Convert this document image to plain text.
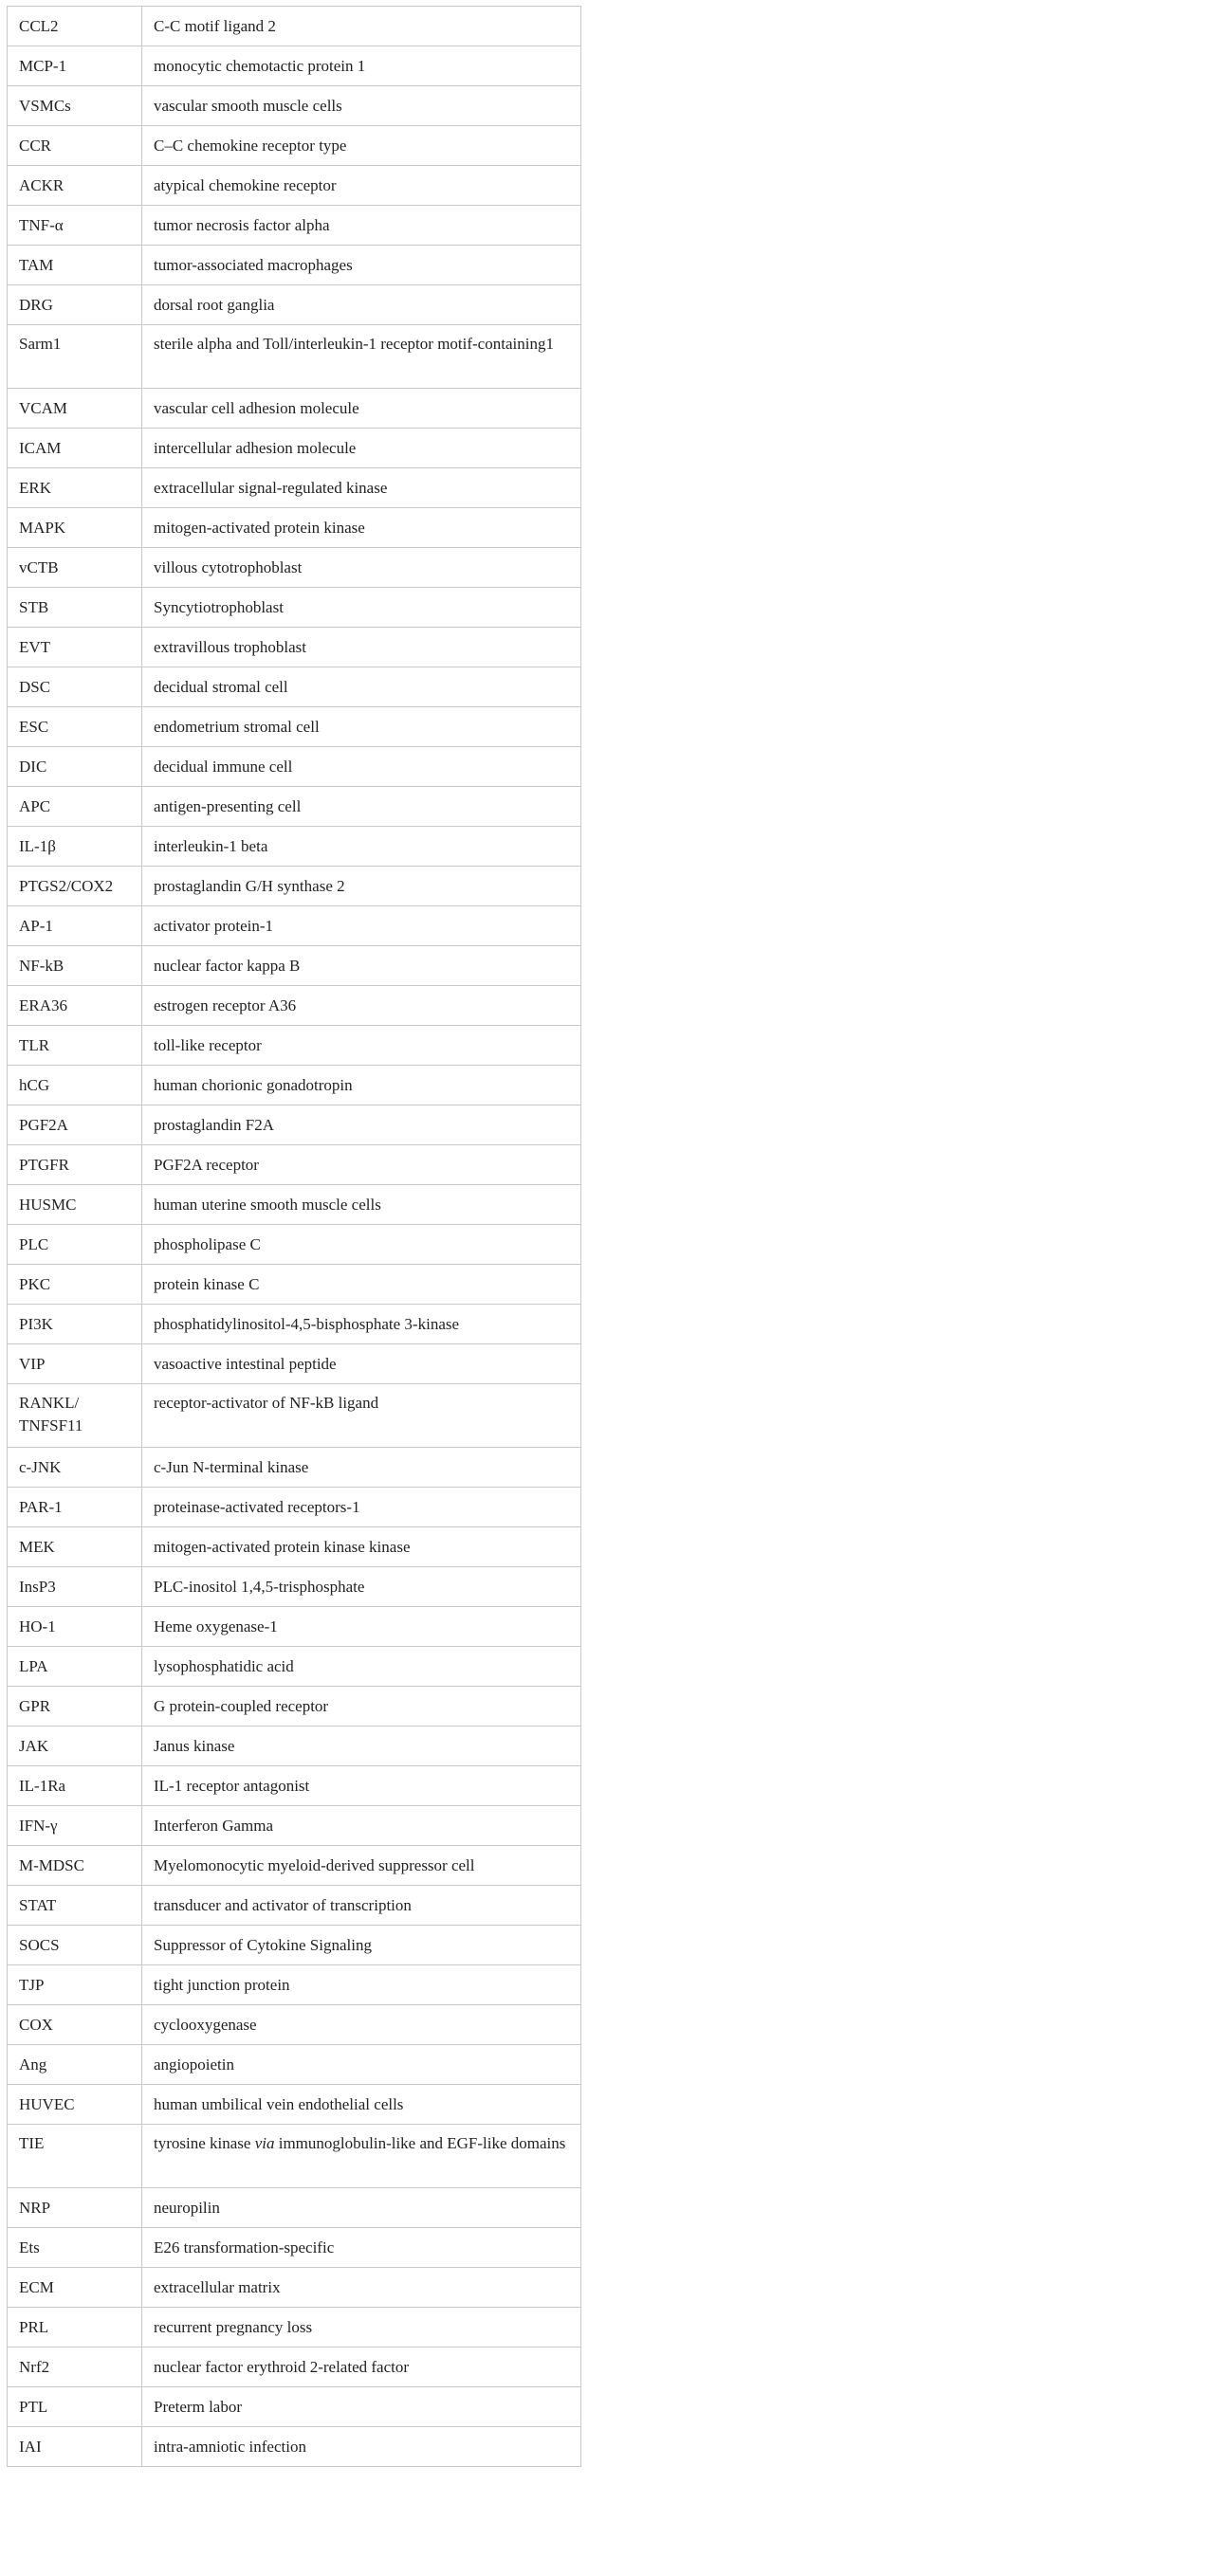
CCL2	C-C motif ligand 2
MCP-1	monocytic chemotactic protein 1
VSMCs	vascular smooth muscle cells
CCR	C–C chemokine receptor type
ACKR	atypical chemokine receptor
TNF-α	tumor necrosis factor alpha
TAM	tumor-associated macrophages
DRG	dorsal root ganglia
Sarm1	sterile alpha and Toll/interleukin-1 receptor motif-containing1
VCAM	vascular cell adhesion molecule
ICAM	intercellular adhesion molecule
ERK	extracellular signal-regulated kinase
MAPK	mitogen-activated protein kinase
vCTB	villous cytotrophoblast
STB	Syncytiotrophoblast
EVT	extravillous trophoblast
DSC	decidual stromal cell
ESC	endometrium stromal cell
DIC	decidual immune cell
APC	antigen-presenting cell
IL-1β	interleukin-1 beta
PTGS2/COX2	prostaglandin G/H synthase 2
AP-1	activator protein-1
NF-kB	nuclear factor kappa B
ERA36	estrogen receptor A36
TLR	toll-like receptor
hCG	human chorionic gonadotropin
PGF2A	prostaglandin F2A
PTGFR	PGF2A receptor
HUSMC	human uterine smooth muscle cells
PLC	phospholipase C
PKC	protein kinase C
PI3K	phosphatidylinositol-4,5-bisphosphate 3-kinase
VIP	vasoactive intestinal peptide
RANKL/ TNFSF11	receptor-activator of NF-kB ligand
c-JNK	c-Jun N-terminal kinase
PAR-1	proteinase-activated receptors-1
MEK	mitogen-activated protein kinase kinase
InsP3	PLC-inositol 1,4,5-trisphosphate
HO-1	Heme oxygenase-1
LPA	lysophosphatidic acid
GPR	G protein-coupled receptor
JAK	Janus kinase
IL-1Ra	IL-1 receptor antagonist
IFN-γ	Interferon Gamma
M-MDSC	Myelomonocytic myeloid-derived suppressor cell
STAT	transducer and activator of transcription
SOCS	Suppressor of Cytokine Signaling
TJP	tight junction protein
COX	cyclooxygenase
Ang	angiopoietin
HUVEC	human umbilical vein endothelial cells
TIE	tyrosine kinase via immunoglobulin-like and EGF-like domains
NRP	neuropilin
Ets	E26 transformation-specific
ECM	extracellular matrix
PRL	recurrent pregnancy loss
Nrf2	nuclear factor erythroid 2-related factor
PTL	Preterm labor
IAI	intra-amniotic infection
